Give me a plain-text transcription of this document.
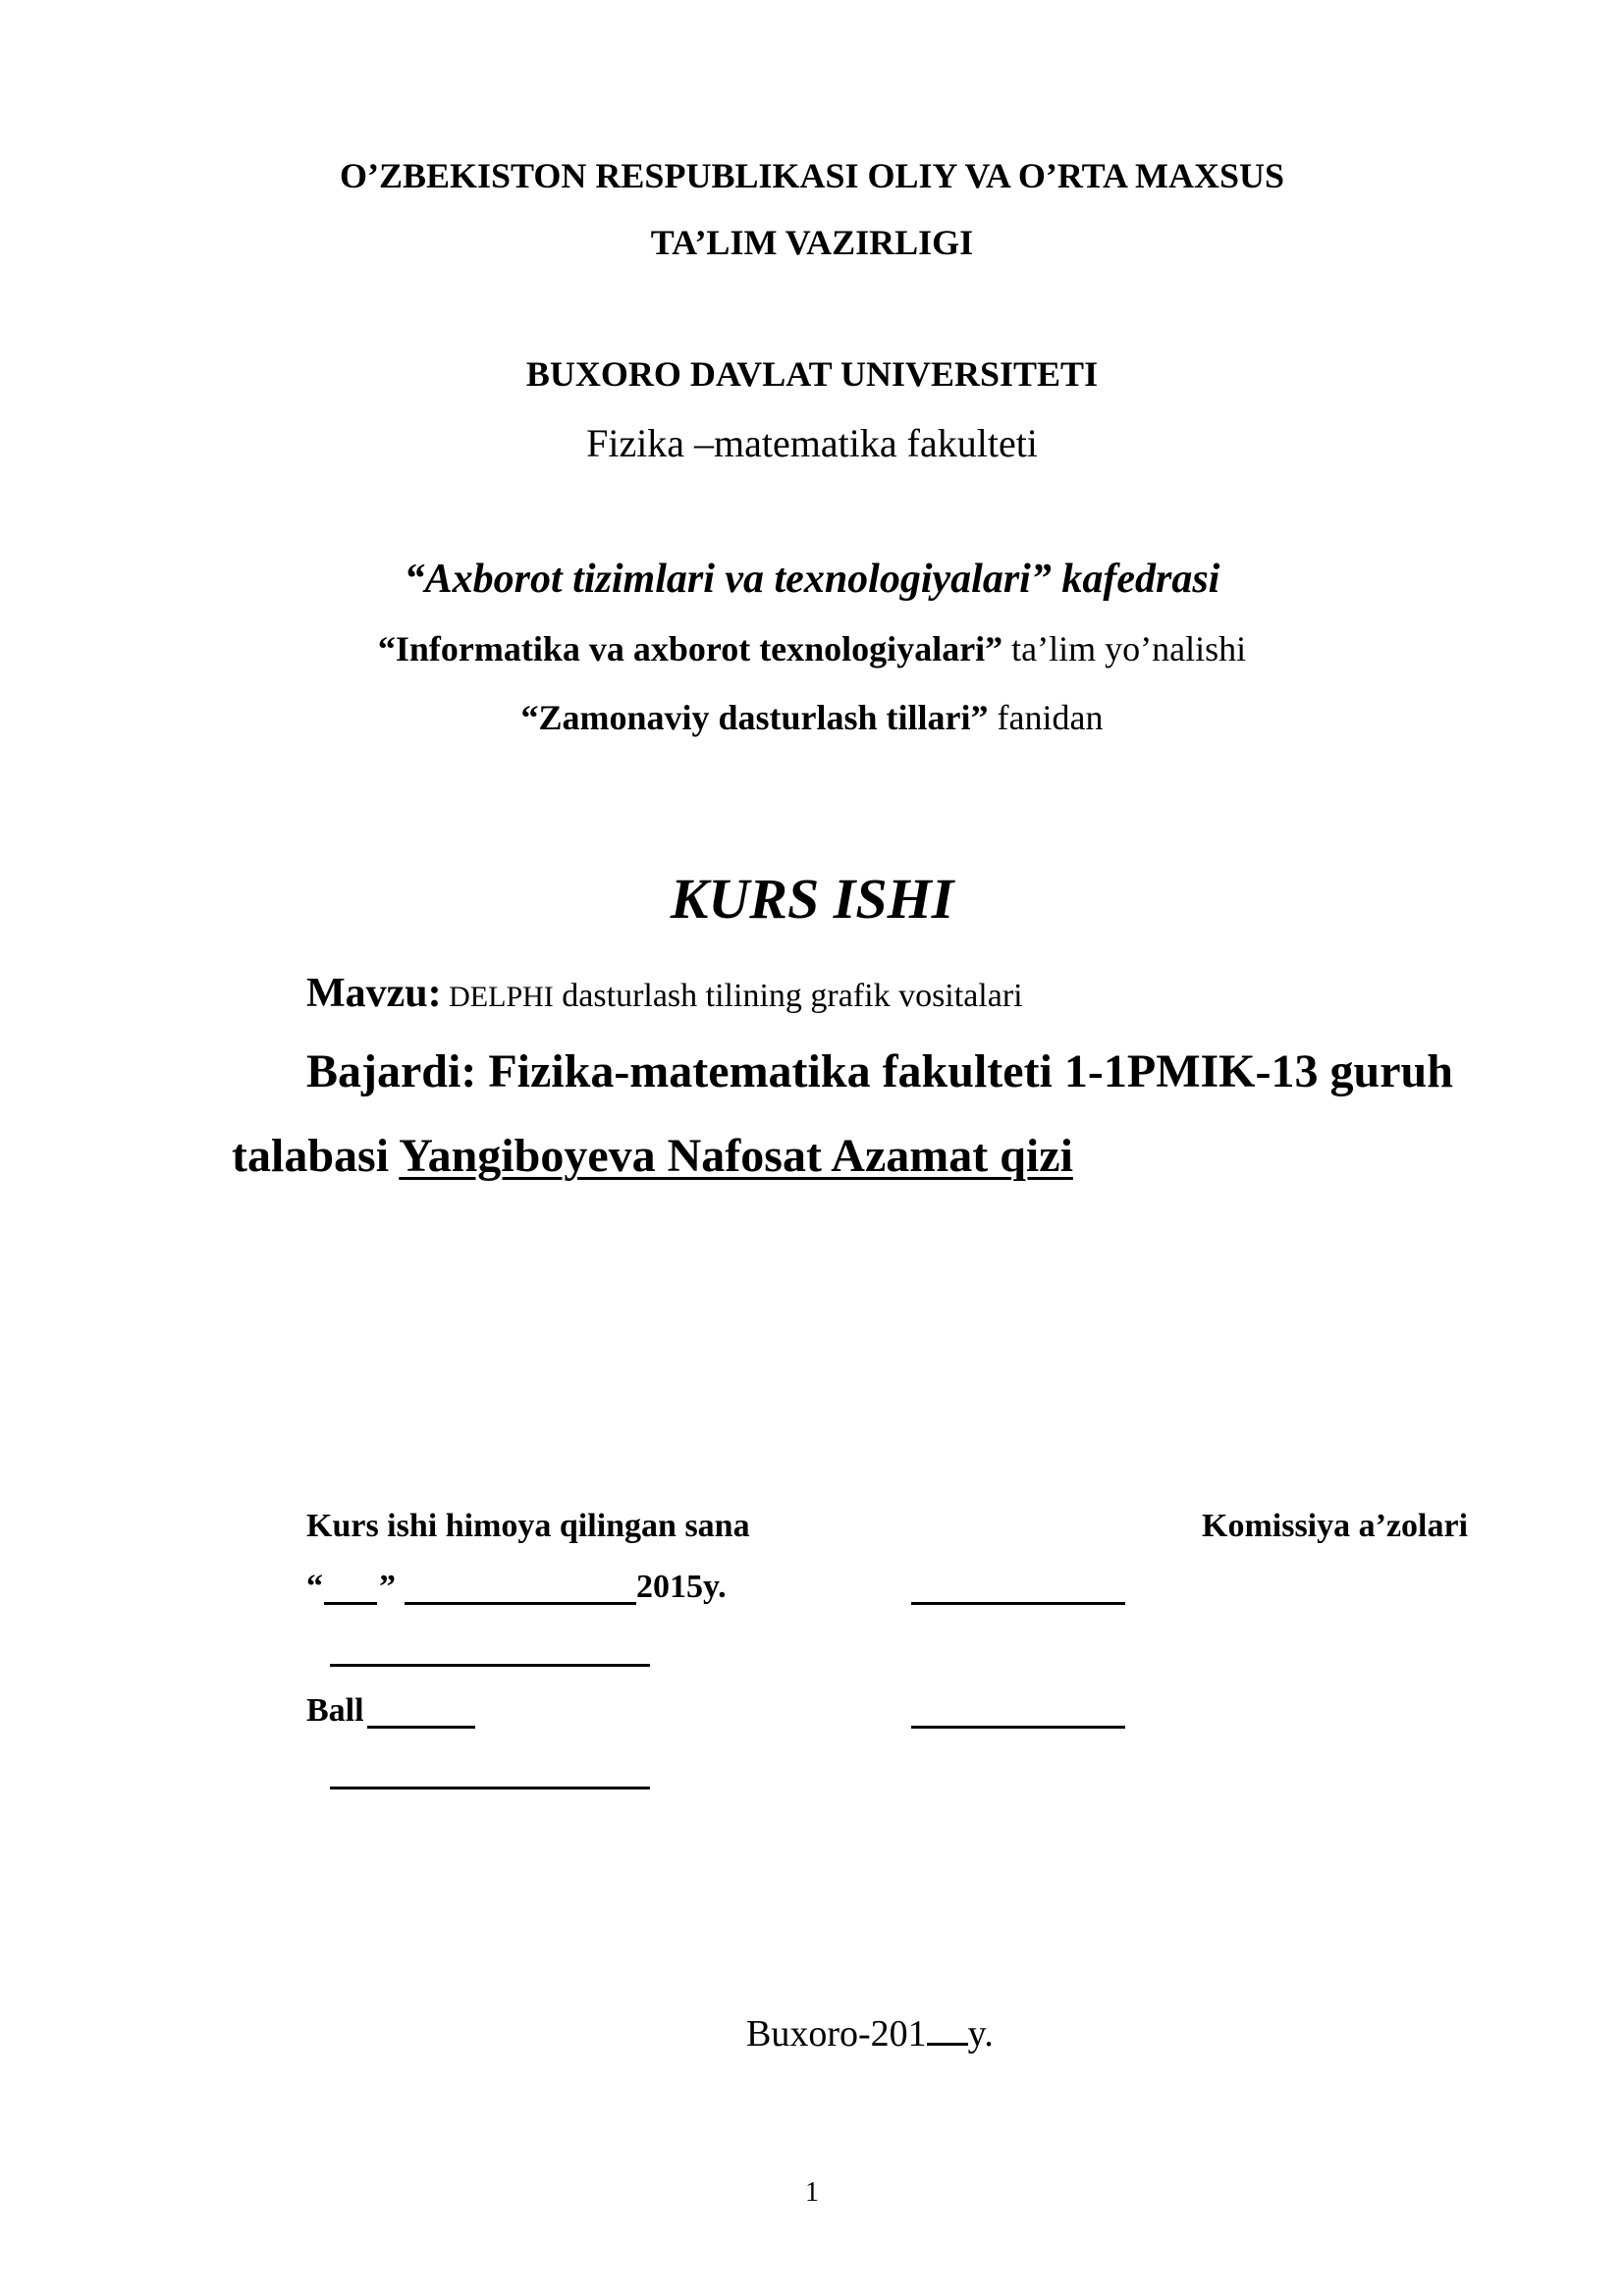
O’ZBEKISTON RESPUBLIKASI OLIY VA O’RTA MAXSUS
TA’LIM VAZIRLIGI
BUXORO DAVLAT UNIVERSITETI
Fizika –matematika fakulteti
“Axborot tizimlari va texnologiyalari” kafedrasi
“Informatika va axborot texnologiyalari” ta’lim yo’nalishi
“Zamonaviy dasturlash tillari” fanidan
KURS ISHI
Mavzu: DELPHI dasturlash tilining grafik vositalari
Bajardi: Fizika-matematika fakulteti 1-1PMIK-13 guruh
talabasi Yangiboyeva Nafosat Azamat qizi
Kurs ishi himoya qilingan sana	Komissiya a’zolari
“ ”	2015y.
Ball
Buxoro-201 y.
1
